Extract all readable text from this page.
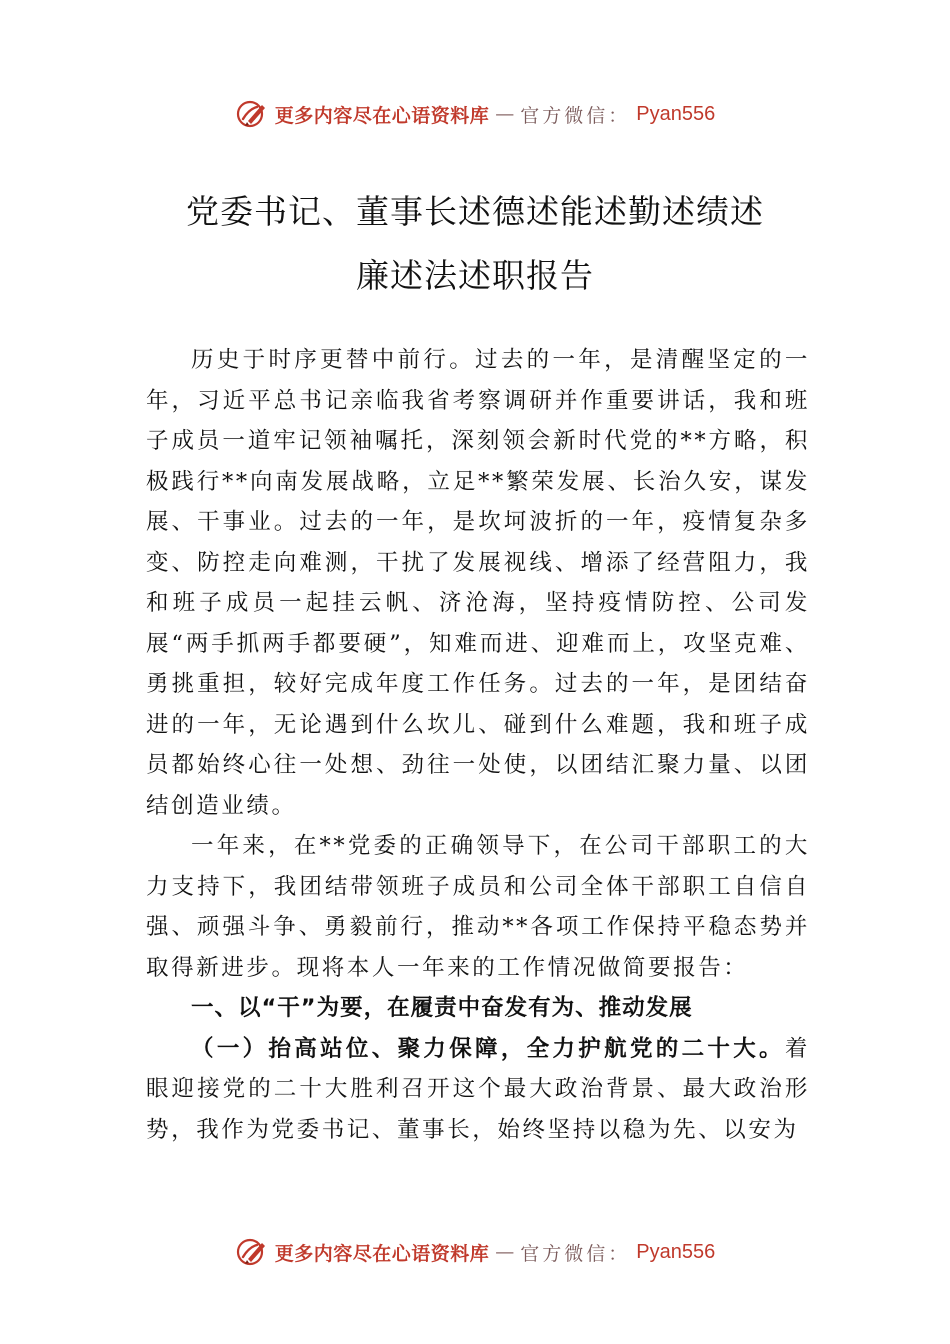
更多内容尽在心语资料库 — 官方微信： Pyan556
党委书记、董事长述德述能述勤述绩述
廉述法述职报告

历史于时序更替中前行。过去的一年，是清醒坚定的一年，习近平总书记亲临我省考察调研并作重要讲话，我和班子成员一道牢记领袖嘱托，深刻领会新时代党的**方略，积极践行**向南发展战略，立足**繁荣发展、长治久安，谋发展、干事业。过去的一年，是坎坷波折的一年，疫情复杂多变、防控走向难测，干扰了发展视线、增添了经营阻力，我和班子成员一起挂云帆、济沧海，坚持疫情防控、公司发展“两手抓两手都要硬”，知难而进、迎难而上，攻坚克难、勇挑重担，较好完成年度工作任务。过去的一年，是团结奋进的一年，无论遇到什么坎儿、碰到什么难题，我和班子成员都始终心往一处想、劲往一处使，以团结汇聚力量、以团结创造业绩。

一年来，在**党委的正确领导下，在公司干部职工的大力支持下，我团结带领班子成员和公司全体干部职工自信自强、顽强斗争、勇毅前行，推动**各项工作保持平稳态势并取得新进步。现将本人一年来的工作情况做简要报告：

一、以“干”为要，在履责中奋发有为、推动发展

（一）抬高站位、聚力保障，全力护航党的二十大。着眼迎接党的二十大胜利召开这个最大政治背景、最大政治形势，我作为党委书记、董事长，始终坚持以稳为先、以安为

更多内容尽在心语资料库 — 官方微信： Pyan556
